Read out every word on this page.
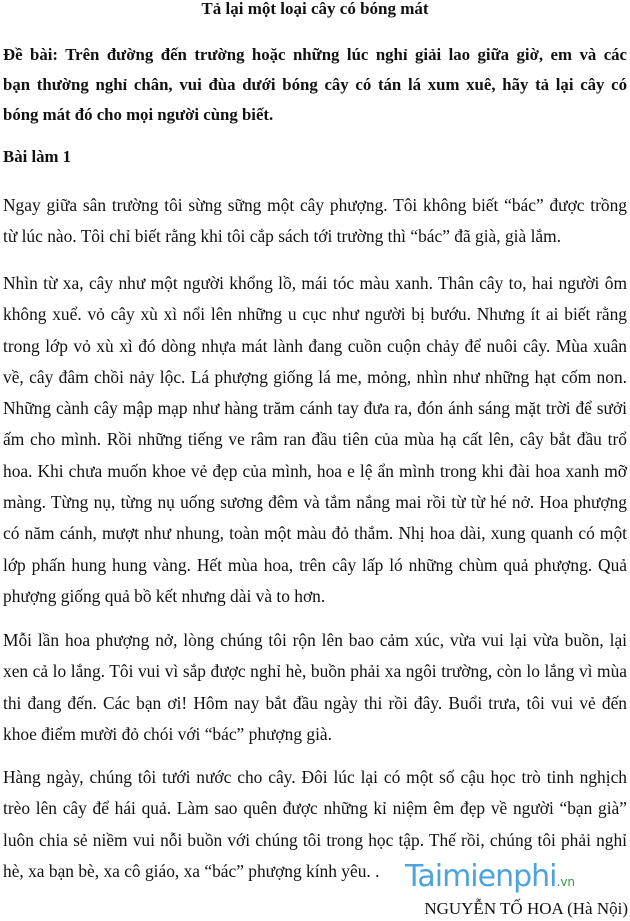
Tả lại một loại cây có bóng mát
Đề bài: Trên đường đến trường hoặc những lúc nghỉ giải lao giữa giờ, em và các
bạn thường nghỉ chân, vui đùa dưới bóng cây có tán lá xum xuê, hãy tả lại cây có
bóng mát đó cho mọi người cùng biết.
Bài làm 1
Ngay giữa sân trường tôi sừng sững một cây phượng. Tôi không biết “bác” được trồng
từ lúc nào. Tôi chỉ biết rằng khi tôi cắp sách tới trường thì “bác” đã già, già lắm.
Nhìn từ xa, cây như một người khổng lồ, mái tóc màu xanh. Thân cây to, hai người ôm
không xuể. vỏ cây xù xì nổi lên những u cục như người bị bướu. Nhưng ít ai biết rằng
trong lớp vỏ xù xì đó dòng nhựa mát lành đang cuồn cuộn chảy để nuôi cây. Mùa xuân
về, cây đâm chồi nảy lộc. Lá phượng giống lá me, mỏng, nhìn như những hạt cốm non.
Những cành cây mập mạp như hàng trăm cánh tay đưa ra, đón ánh sáng mặt trời để sưởi
ấm cho mình. Rồi những tiếng ve râm ran đầu tiên của mùa hạ cất lên, cây bắt đầu trổ
hoa. Khi chưa muốn khoe vẻ đẹp của mình, hoa e lệ ẩn mình trong khi đài hoa xanh mỡ
màng. Từng nụ, từng nụ uống sương đêm và tắm nắng mai rồi từ từ hé nở. Hoa phượng
có năm cánh, mượt như nhung, toàn một màu đỏ thắm. Nhị hoa dài, xung quanh có một
lớp phấn hung hung vàng. Hết mùa hoa, trên cây lấp ló những chùm quả phượng. Quả
phượng giống quả bồ kết nhưng dài và to hơn.
Mỗi lần hoa phượng nở, lòng chúng tôi rộn lên bao cảm xúc, vừa vui lại vừa buồn, lại
xen cả lo lắng. Tôi vui vì sắp được nghỉ hè, buồn phải xa ngôi trường, còn lo lắng vì mùa
thi đang đến. Các bạn ơi! Hôm nay bắt đầu ngày thi rồi đây. Buổi trưa, tôi vui vẻ đến
khoe điểm mười đỏ chói với “bác” phượng già.
Hàng ngày, chúng tôi tưới nước cho cây. Đôi lúc lại có một số cậu học trò tinh nghịch
trèo lên cây để hái quả. Làm sao quên được những kỉ niệm êm đẹp về người “bạn già”
luôn chia sẻ niềm vui nỗi buồn với chúng tôi trong học tập. Thế rồi, chúng tôi phải nghỉ
hè, xa bạn bè, xa cô giáo, xa “bác” phượng kính yêu. . Taimienphi.vn
NGUYỄN TỐ HOA (Hà Nội)
